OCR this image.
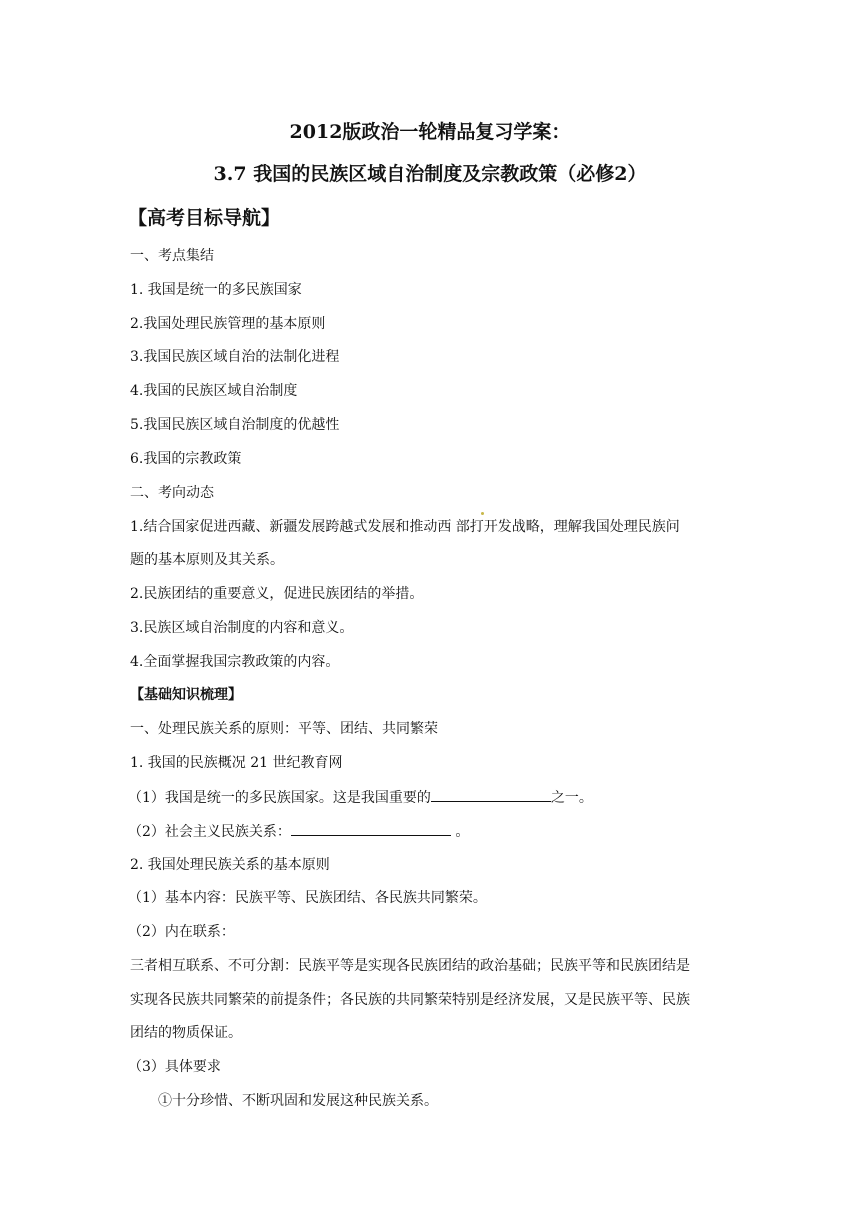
2012版政治一轮精品复习学案：
3.7 我国的民族区域自治制度及宗教政策（必修2）
【高考目标导航】
一、考点集结
1. 我国是统一的多民族国家
2.我国处理民族管理的基本原则
3.我国民族区域自治的法制化进程
4.我国的民族区域自治制度
5.我国民族区域自治制度的优越性
6.我国的宗教政策
二、考向动态
1.结合国家促进西藏、新疆发展跨越式发展和推动西 部打开发战略，理解我国处理民族问
题的基本原则及其关系。
2.民族团结的重要意义，促进民族团结的举措。
3.民族区域自治制度的内容和意义。
4.全面掌握我国宗教政策的内容。
【基础知识梳理】
一、处理民族关系的原则：平等、团结、共同繁荣
1. 我国的民族概况 21 世纪教育网
（1）我国是统一的多民族国家。这是我国重要的	之一。
（2）社会主义民族关系：	。
2. 我国处理民族关系的基本原则
（1）基本内容：民族平等、民族团结、各民族共同繁荣。
（2）内在联系：
三者相互联系、不可分割：民族平等是实现各民族团结的政治基础；民族平等和民族团结是
实现各民族共同繁荣的前提条件；各民族的共同繁荣特别是经济发展，又是民族平等、民族
团结的物质保证。
（3）具体要求
①十分珍惜、不断巩固和发展这种民族关系。
